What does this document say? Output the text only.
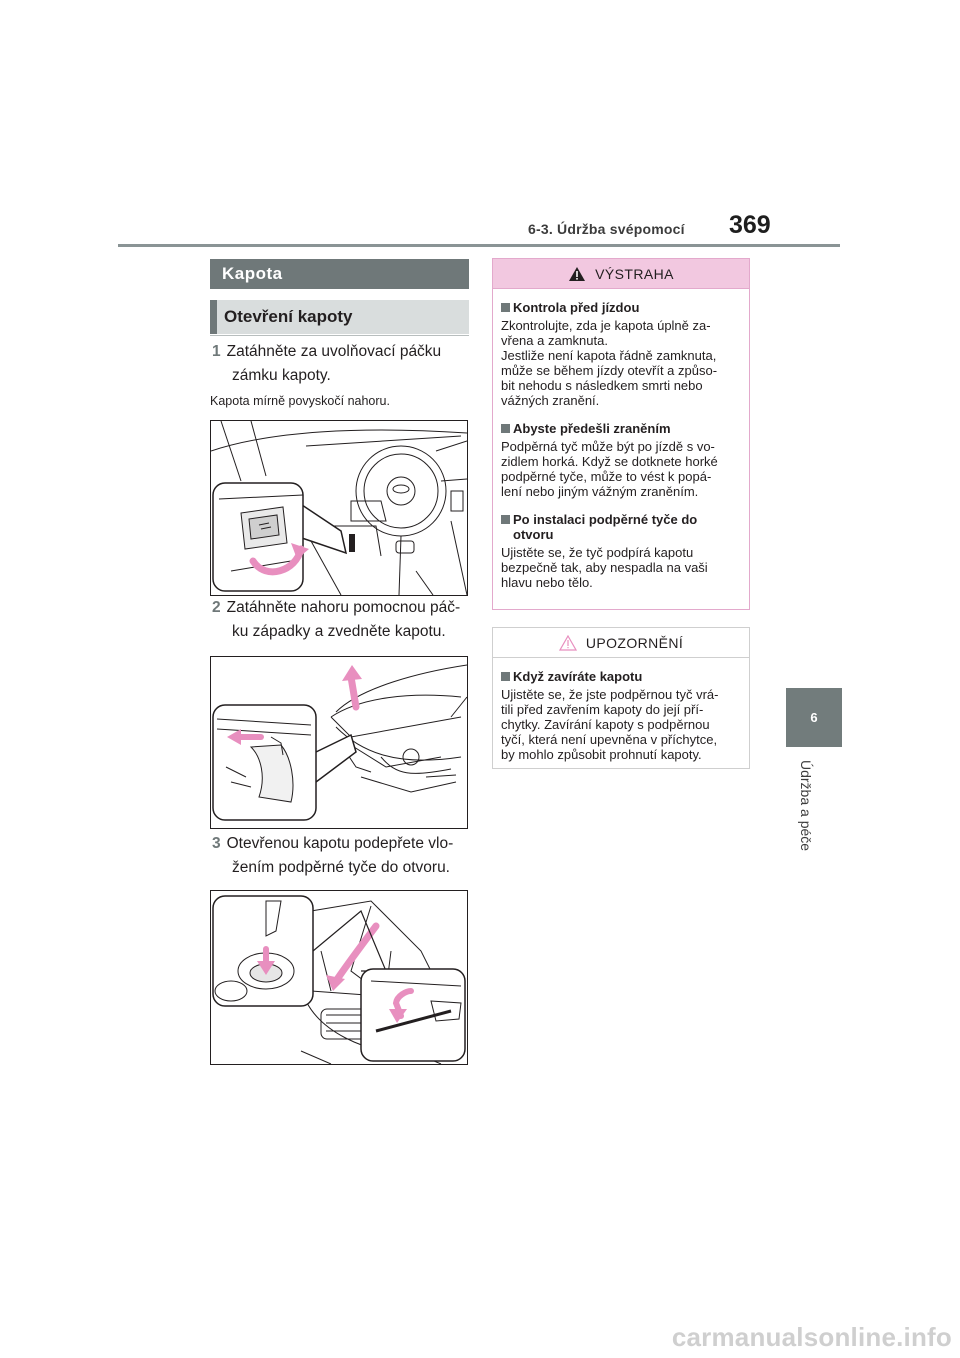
6-3. Údržba svépomocí 369
6
Údržba a péče
Kapota
Otevření kapoty
1 Zatáhněte za uvolňovací páčku
zámku kapoty.
Kapota mírně povyskočí nahoru.
2 Zatáhněte nahoru pomocnou páč-
ku západky a zvedněte kapotu.
3 Otevřenou kapotu podepřete vlo-
žením podpěrné tyče do otvoru.
VÝSTRAHA
Kontrola před jízdou
Zkontrolujte, zda je kapota úplně za-
vřena a zamknuta.
Jestliže není kapota řádně zamknuta,
může se během jízdy otevřít a způso-
bit nehodu s následkem smrti nebo
vážných zranění.
Abyste předešli zraněním
Podpěrná tyč může být po jízdě s vo-
zidlem horká. Když se dotknete horké
podpěrné tyče, může to vést k popá-
lení nebo jiným vážným zraněním.
Po instalaci podpěrné tyče do otvoru
Ujistěte se, že tyč podpírá kapotu
bezpečně tak, aby nespadla na vaši
hlavu nebo tělo.
UPOZORNĚNÍ
Když zavíráte kapotu
Ujistěte se, že jste podpěrnou tyč vrá-
tili před zavřením kapoty do její pří-
chytky. Zavírání kapoty s podpěrnou
tyčí, která není upevněna v příchytce,
by mohlo způsobit prohnutí kapoty.
carmanualsonline.info
